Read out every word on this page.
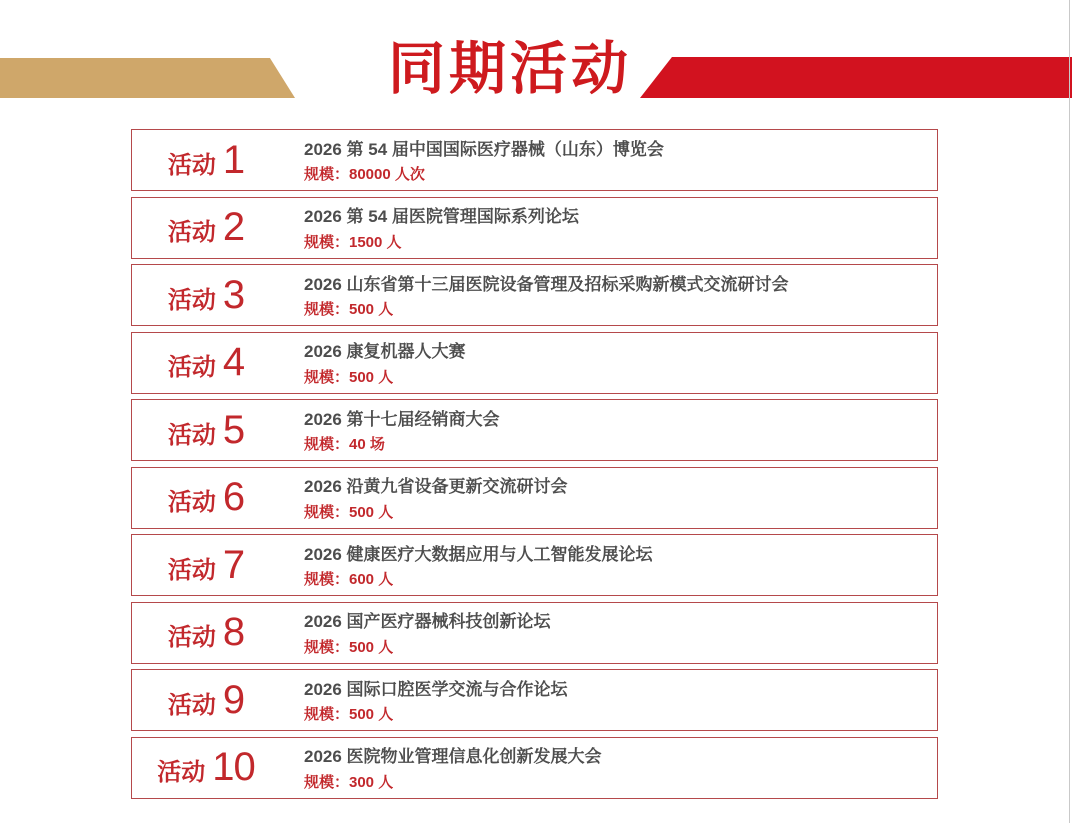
同期活动
活动 1	2026 第 54 届中国国际医疗器械（山东）博览会
规模：80000 人次
活动 2	2026 第 54 届医院管理国际系列论坛
规模：1500 人
活动 3	2026 山东省第十三届医院设备管理及招标采购新模式交流研讨会
规模：500 人
活动 4	2026 康复机器人大赛
规模：500 人
活动 5	2026 第十七届经销商大会
规模：40 场
活动 6	2026 沿黄九省设备更新交流研讨会
规模：500 人
活动 7	2026 健康医疗大数据应用与人工智能发展论坛
规模：600 人
活动 8	2026 国产医疗器械科技创新论坛
规模：500 人
活动 9	2026 国际口腔医学交流与合作论坛
规模：500 人
活动 10	2026 医院物业管理信息化创新发展大会
规模：300 人
